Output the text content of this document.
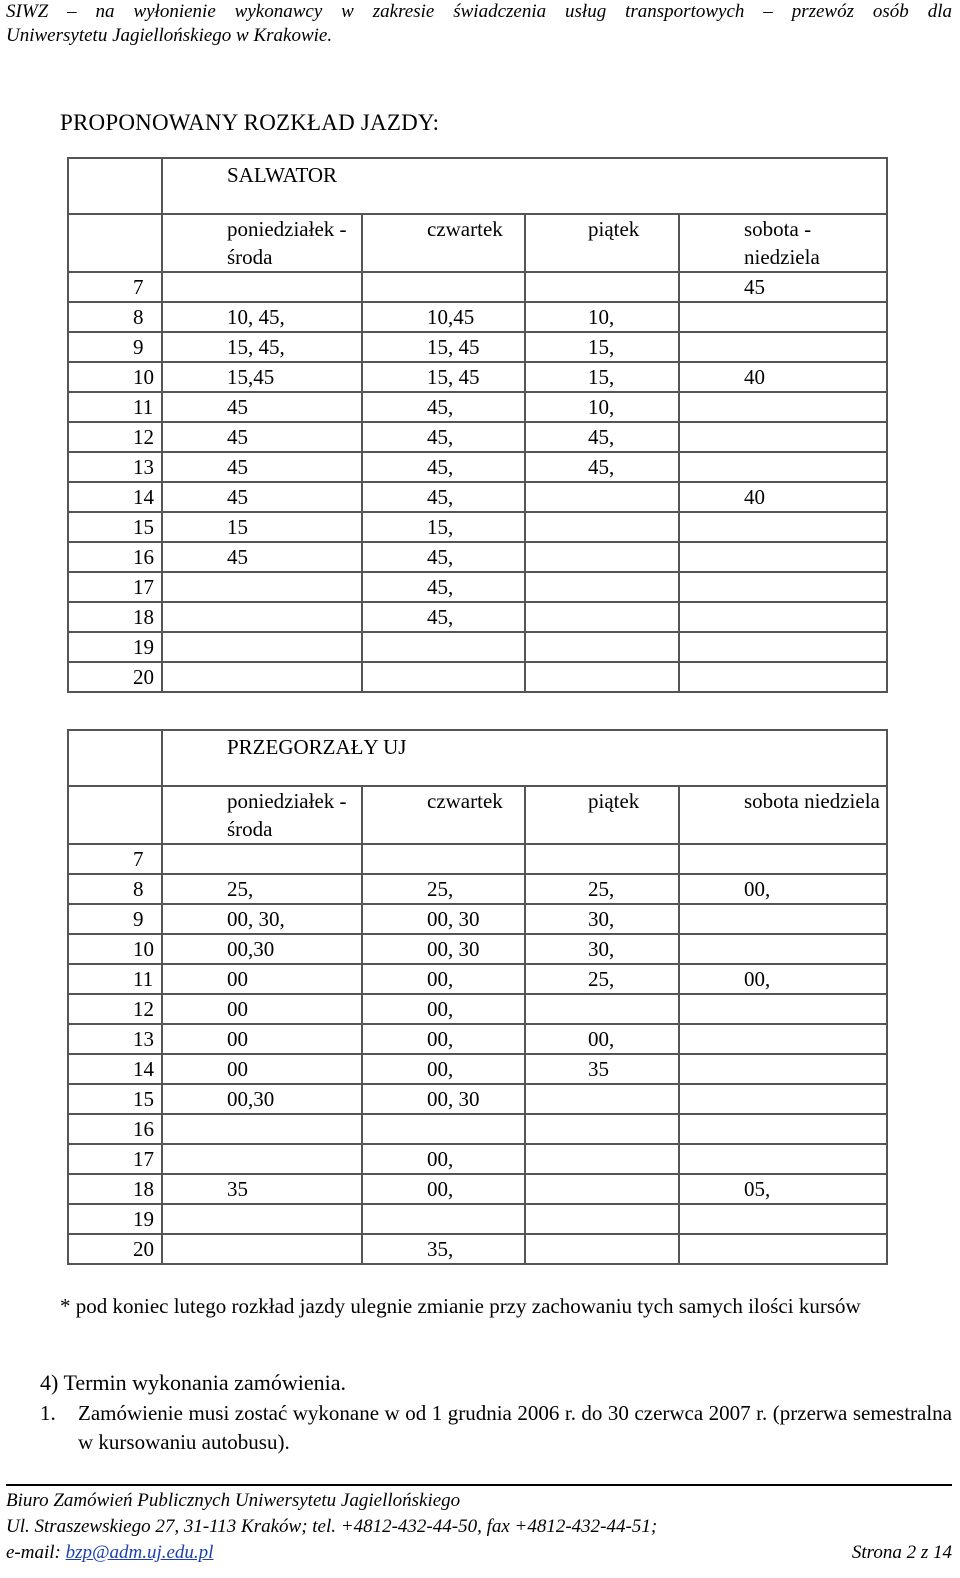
SIWZ – na wyłonienie wykonawcy w zakresie świadczenia usług transportowych – przewóz osób dla
Uniwersytetu Jagiellońskiego w Krakowie.
PROPONOWANY ROZKŁAD JAZDY:
	SALWATOR			
	poniedziałek - środa	czwartek	piątek	sobota - niedziela
7				45
8	10, 45,	10,45	10,	
9	15, 45,	15, 45	15,	
10	15,45	15, 45	15,	40
11	45	45,	10,	
12	45	45,	45,	
13	45	45,	45,	
14	45	45,		40
15	15	15,		
16	45	45,		
17		45,		
18		45,		
19				
20				
	PRZEGORZAŁY UJ			
	poniedziałek - środa	czwartek	piątek	sobota niedziela
7				
8	25,	25,	25,	00,
9	00, 30,	00, 30	30,	
10	00,30	00, 30	30,	
11	00	00,	25,	00,
12	00	00,		
13	00	00,	00,	
14	00	00,	35	
15	00,30	00, 30		
16				
17		00,		
18	35	00,		05,
19				
20		35,		
* pod koniec lutego rozkład jazdy ulegnie zmianie przy zachowaniu tych samych ilości kursów
4) Termin wykonania zamówienia.
1.	Zamówienie musi zostać wykonane w od 1 grudnia 2006 r. do 30 czerwca 2007 r. (przerwa semestralna w kursowaniu autobusu).
Biuro Zamówień Publicznych Uniwersytetu Jagiellońskiego
Ul. Straszewskiego 27, 31-113 Kraków; tel. +4812-432-44-50, fax +4812-432-44-51;
e-mail: bzp@adm.uj.edu.pl	Strona 2 z 14
